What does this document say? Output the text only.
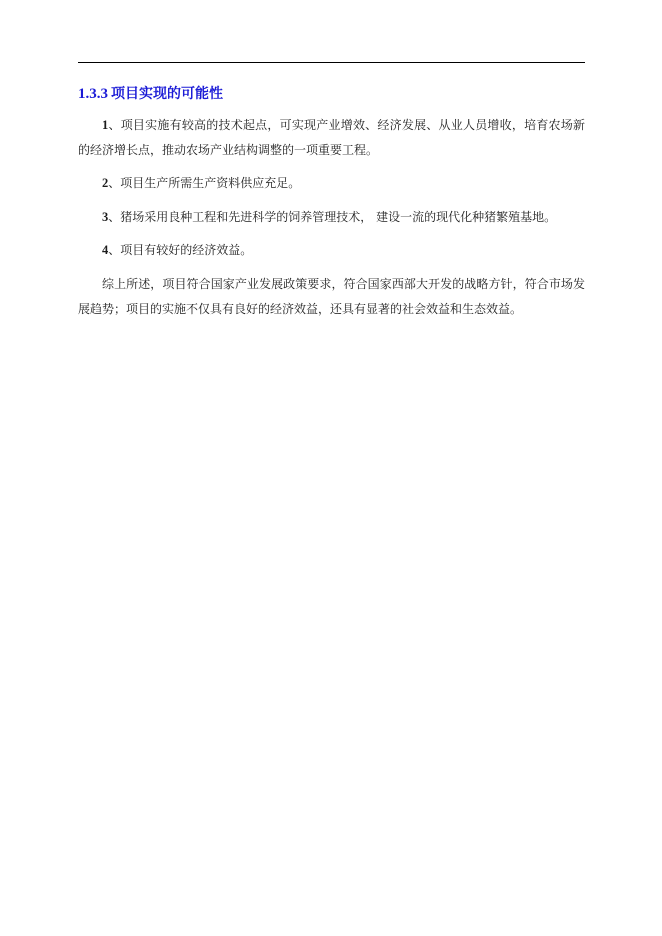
1.3.3 项目实现的可能性

1、项目实施有较高的技术起点，可实现产业增效、经济发展、从业人员增收，培育农场新的经济增长点，推动农场产业结构调整的一项重要工程。

2、项目生产所需生产资料供应充足。

3、猪场采用良种工程和先进科学的饲养管理技术， 建设一流的现代化种猪繁殖基地。

4、项目有较好的经济效益。

综上所述，项目符合国家产业发展政策要求，符合国家西部大开发的战略方针，符合市场发展趋势；项目的实施不仅具有良好的经济效益，还具有显著的社会效益和生态效益。
